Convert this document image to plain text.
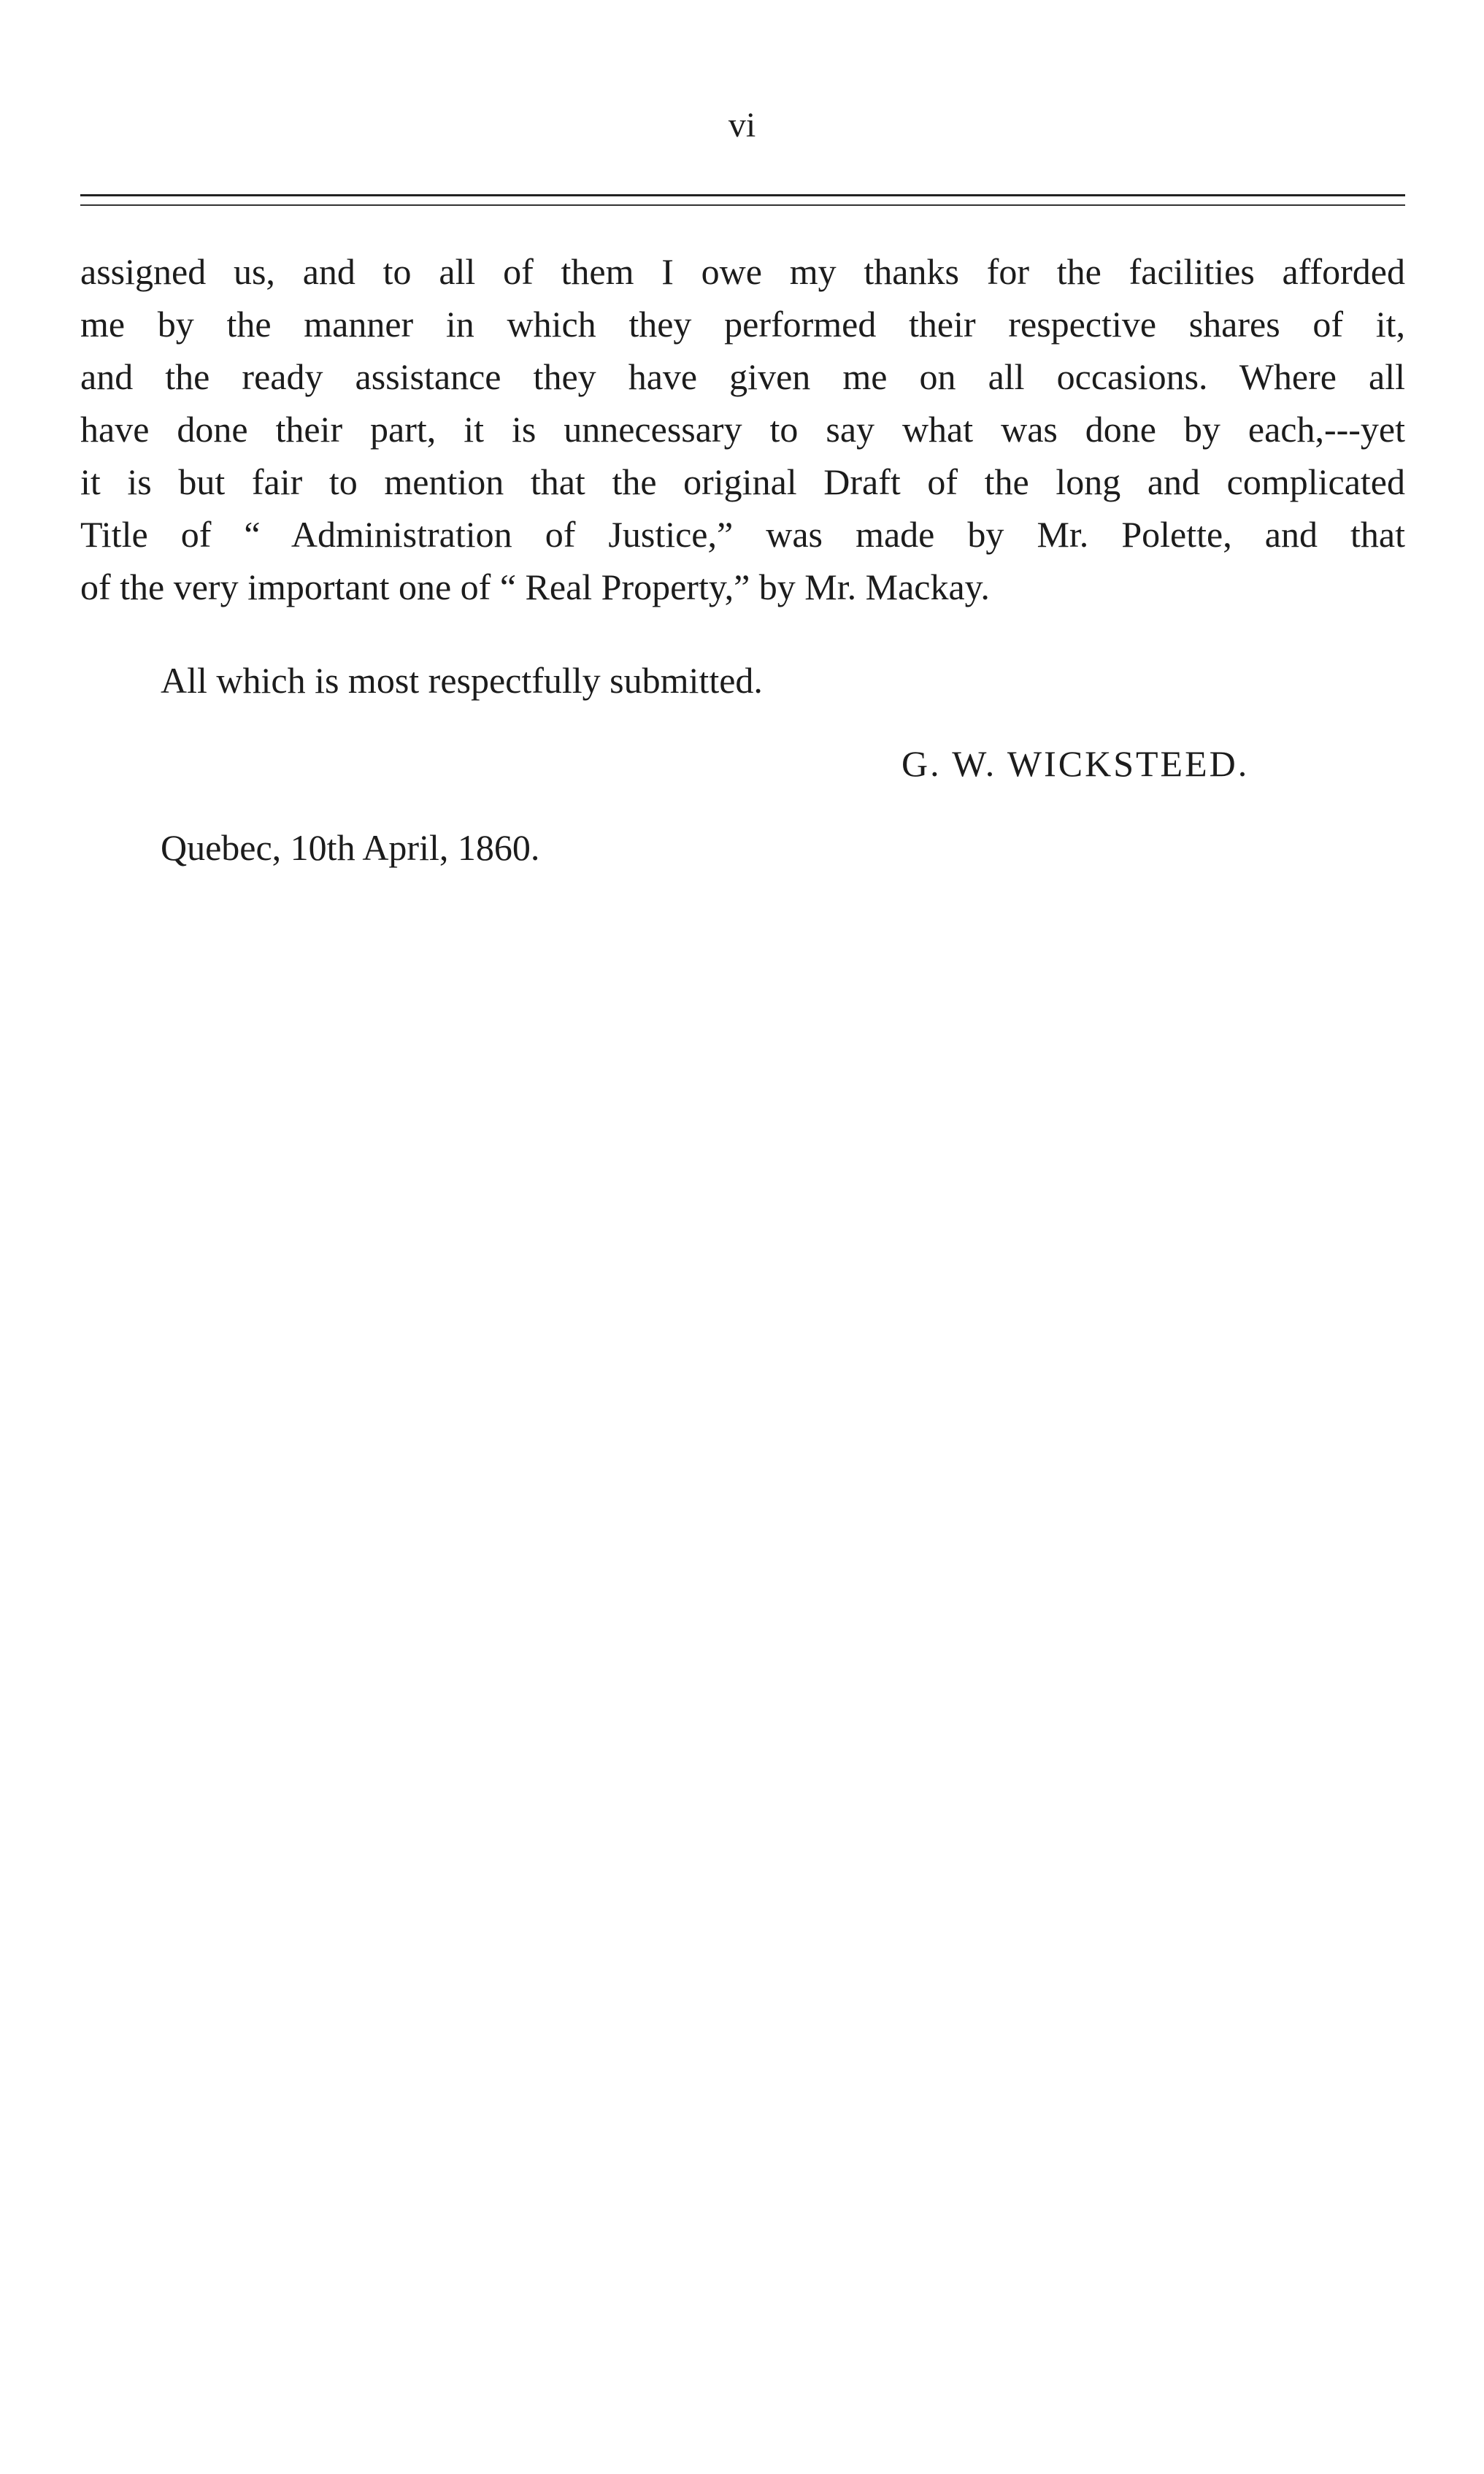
vi
assigned us, and to all of them I owe my thanks for the facilities afforded
me by the manner in which they performed their respective shares of it,
and the ready assistance they have given me on all occasions. Where all
have done their part, it is unnecessary to say what was done by each,---yet
it is but fair to mention that the original Draft of the long and complicated
Title of “ Administration of Justice,” was made by Mr. Polette, and that
of the very important one of “ Real Property,” by Mr. Mackay.
All which is most respectfully submitted.
G. W. WICKSTEED.
Quebec, 10th April, 1860.
